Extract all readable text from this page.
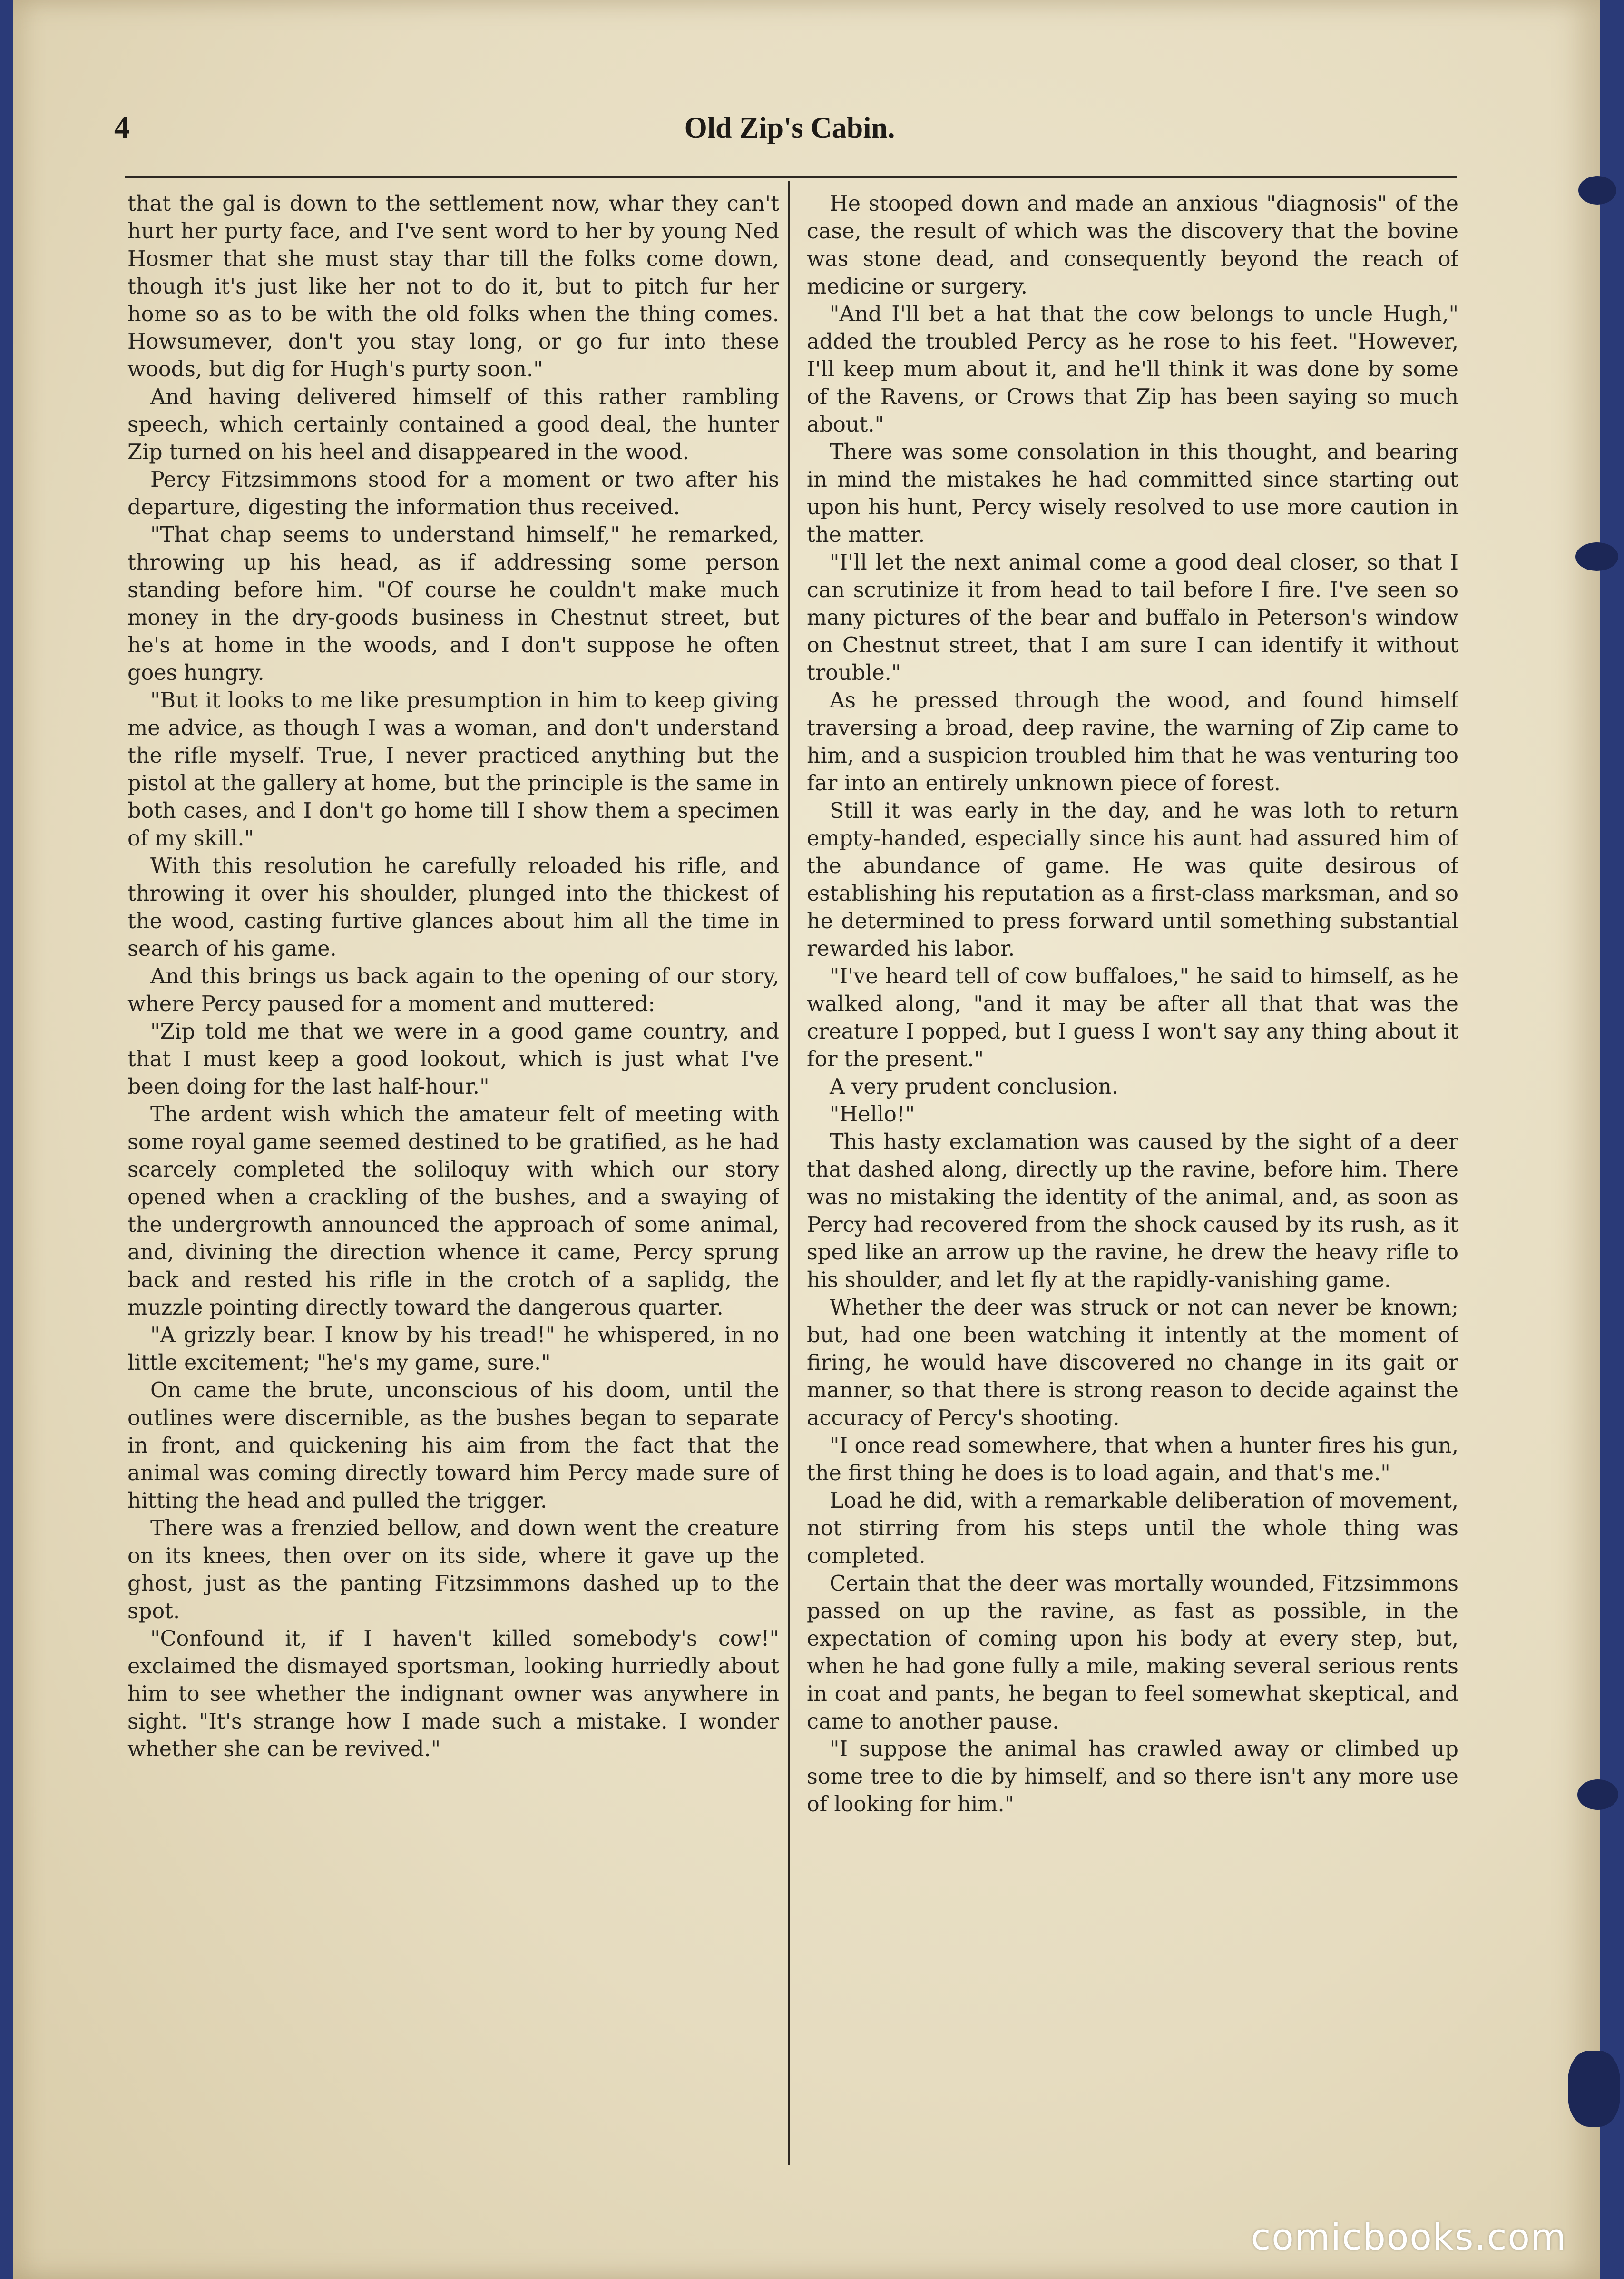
4	Old Zip's Cabin.

that the gal is down to the settlement now, whar they can't hurt her purty face, and I've sent word to her by young Ned Hosmer that she must stay thar till the folks come down, though it's just like her not to do it, but to pitch fur her home so as to be with the old folks when the thing comes. Howsumever, don't you stay long, or go fur into these woods, but dig for Hugh's purty soon."

And having delivered himself of this rather rambling speech, which certainly contained a good deal, the hunter Zip turned on his heel and disappeared in the wood.

Percy Fitzsimmons stood for a moment or two after his departure, digesting the information thus received.

"That chap seems to understand himself," he remarked, throwing up his head, as if addressing some person standing before him. "Of course he couldn't make much money in the dry-goods business in Chestnut street, but he's at home in the woods, and I don't suppose he often goes hungry.

"But it looks to me like presumption in him to keep giving me advice, as though I was a woman, and don't understand the rifle myself. True, I never practiced anything but the pistol at the gallery at home, but the principle is the same in both cases, and I don't go home till I show them a specimen of my skill."

With this resolution he carefully reloaded his rifle, and throwing it over his shoulder, plunged into the thickest of the wood, casting furtive glances about him all the time in search of his game.

And this brings us back again to the opening of our story, where Percy paused for a moment and muttered:

"Zip told me that we were in a good game country, and that I must keep a good lookout, which is just what I've been doing for the last half-hour."

The ardent wish which the amateur felt of meeting with some royal game seemed destined to be gratified, as he had scarcely completed the soliloquy with which our story opened when a crackling of the bushes, and a swaying of the undergrowth announced the approach of some animal, and, divining the direction whence it came, Percy sprung back and rested his rifle in the crotch of a saplidg, the muzzle pointing directly toward the dangerous quarter.

"A grizzly bear. I know by his tread!" he whispered, in no little excitement; "he's my game, sure."

On came the brute, unconscious of his doom, until the outlines were discernible, as the bushes began to separate in front, and quickening his aim from the fact that the animal was coming directly toward him Percy made sure of hitting the head and pulled the trigger.

There was a frenzied bellow, and down went the creature on its knees, then over on its side, where it gave up the ghost, just as the panting Fitzsimmons dashed up to the spot.

"Confound it, if I haven't killed somebody's cow!" exclaimed the dismayed sportsman, looking hurriedly about him to see whether the indignant owner was anywhere in sight. "It's strange how I made such a mistake. I wonder whether she can be revived."

He stooped down and made an anxious "diagnosis" of the case, the result of which was the discovery that the bovine was stone dead, and consequently beyond the reach of medicine or surgery.

"And I'll bet a hat that the cow belongs to uncle Hugh," added the troubled Percy as he rose to his feet. "However, I'll keep mum about it, and he'll think it was done by some of the Ravens, or Crows that Zip has been saying so much about."

There was some consolation in this thought, and bearing in mind the mistakes he had committed since starting out upon his hunt, Percy wisely resolved to use more caution in the matter.

"I'll let the next animal come a good deal closer, so that I can scrutinize it from head to tail before I fire. I've seen so many pictures of the bear and buffalo in Peterson's window on Chestnut street, that I am sure I can identify it without trouble."

As he pressed through the wood, and found himself traversing a broad, deep ravine, the warning of Zip came to him, and a suspicion troubled him that he was venturing too far into an entirely unknown piece of forest.

Still it was early in the day, and he was loth to return empty-handed, especially since his aunt had assured him of the abundance of game. He was quite desirous of establishing his reputation as a first-class marksman, and so he determined to press forward until something substantial rewarded his labor.

"I've heard tell of cow buffaloes," he said to himself, as he walked along, "and it may be after all that that was the creature I popped, but I guess I won't say any thing about it for the present."

A very prudent conclusion.

"Hello!"

This hasty exclamation was caused by the sight of a deer that dashed along, directly up the ravine, before him. There was no mistaking the identity of the animal, and, as soon as Percy had recovered from the shock caused by its rush, as it sped like an arrow up the ravine, he drew the heavy rifle to his shoulder, and let fly at the rapidly-vanishing game.

Whether the deer was struck or not can never be known; but, had one been watching it intently at the moment of firing, he would have discovered no change in its gait or manner, so that there is strong reason to decide against the accuracy of Percy's shooting.

"I once read somewhere, that when a hunter fires his gun, the first thing he does is to load again, and that's me."

Load he did, with a remarkable deliberation of movement, not stirring from his steps until the whole thing was completed.

Certain that the deer was mortally wounded, Fitzsimmons passed on up the ravine, as fast as possible, in the expectation of coming upon his body at every step, but, when he had gone fully a mile, making several serious rents in coat and pants, he began to feel somewhat skeptical, and came to another pause.

"I suppose the animal has crawled away or climbed up some tree to die by himself, and so there isn't any more use of looking for him."

comicbooks.com
